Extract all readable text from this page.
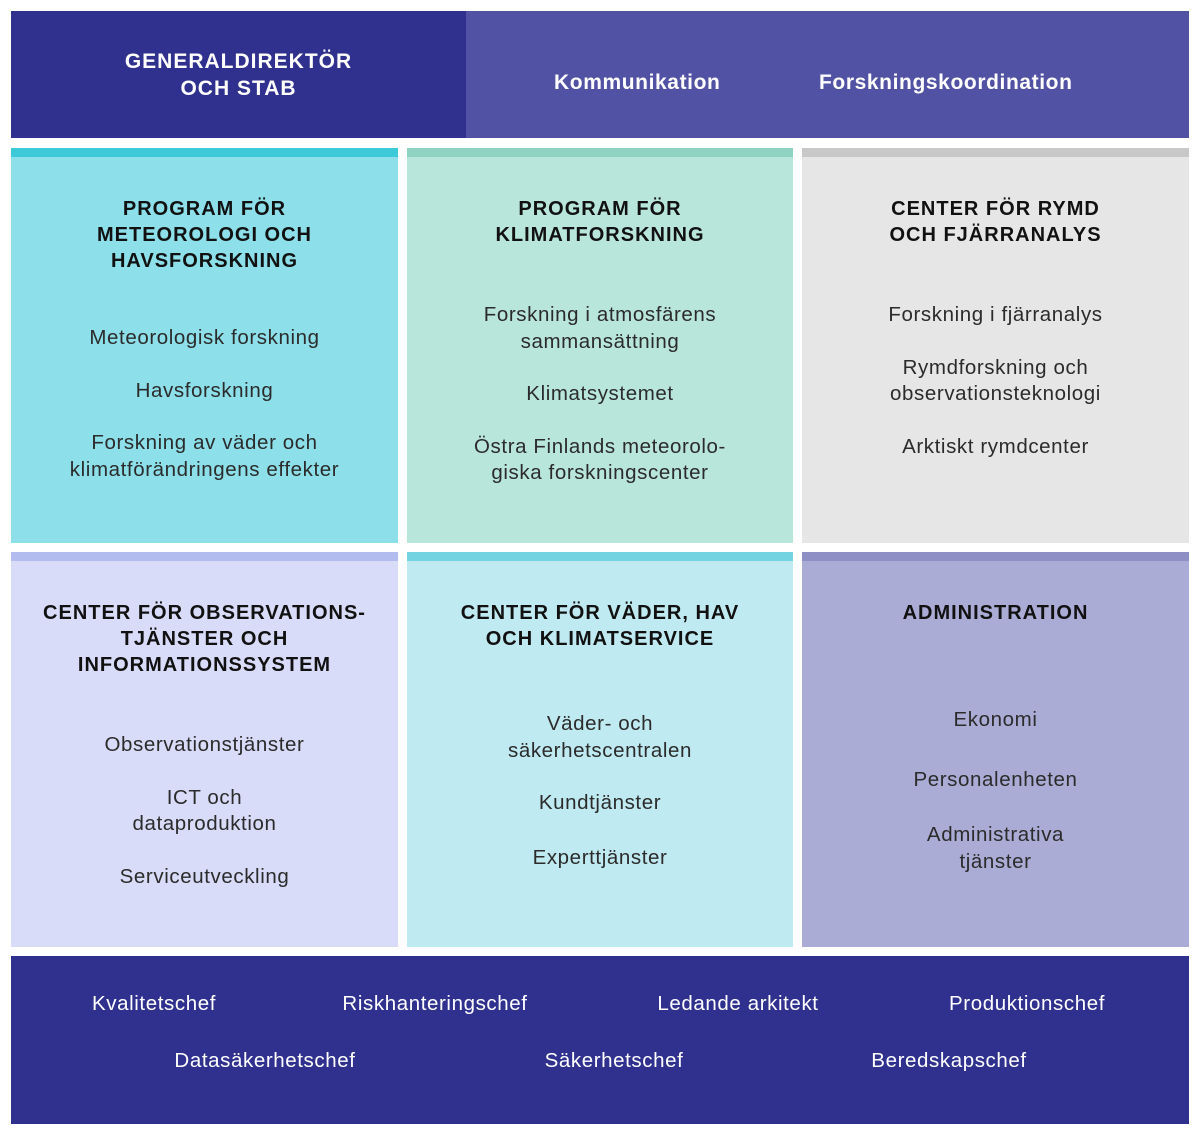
GENERALDIREKTÖR
OCH STAB	Kommunikation	Forskningskoordination

PROGRAM FÖR
METEOROLOGI OCH
HAVSFORSKNING

Meteorologisk forskning
Havsforskning
Forskning av väder och
klimatförändringens effekter

PROGRAM FÖR
KLIMATFORSKNING

Forskning i atmosfärens
sammansättning
Klimatsystemet
Östra Finlands meteorolo-
giska forskningscenter

CENTER FÖR RYMD
OCH FJÄRRANALYS

Forskning i fjärranalys
Rymdforskning och
observationsteknologi
Arktiskt rymdcenter

CENTER FÖR OBSERVATIONS-
TJÄNSTER OCH
INFORMATIONSSYSTEM

Observationstjänster
ICT och
dataproduktion
Serviceutveckling

CENTER FÖR VÄDER, HAV
OCH KLIMATSERVICE

Väder- och
säkerhetscentralen
Kundtjänster
Experttjänster

ADMINISTRATION

Ekonomi
Personalenheten
Administrativa
tjänster
Kvalitetschef	Riskhanteringschef	Ledande arkitekt	Produktionschef
Datasäkerhetschef	Säkerhetschef	Beredskapschef
